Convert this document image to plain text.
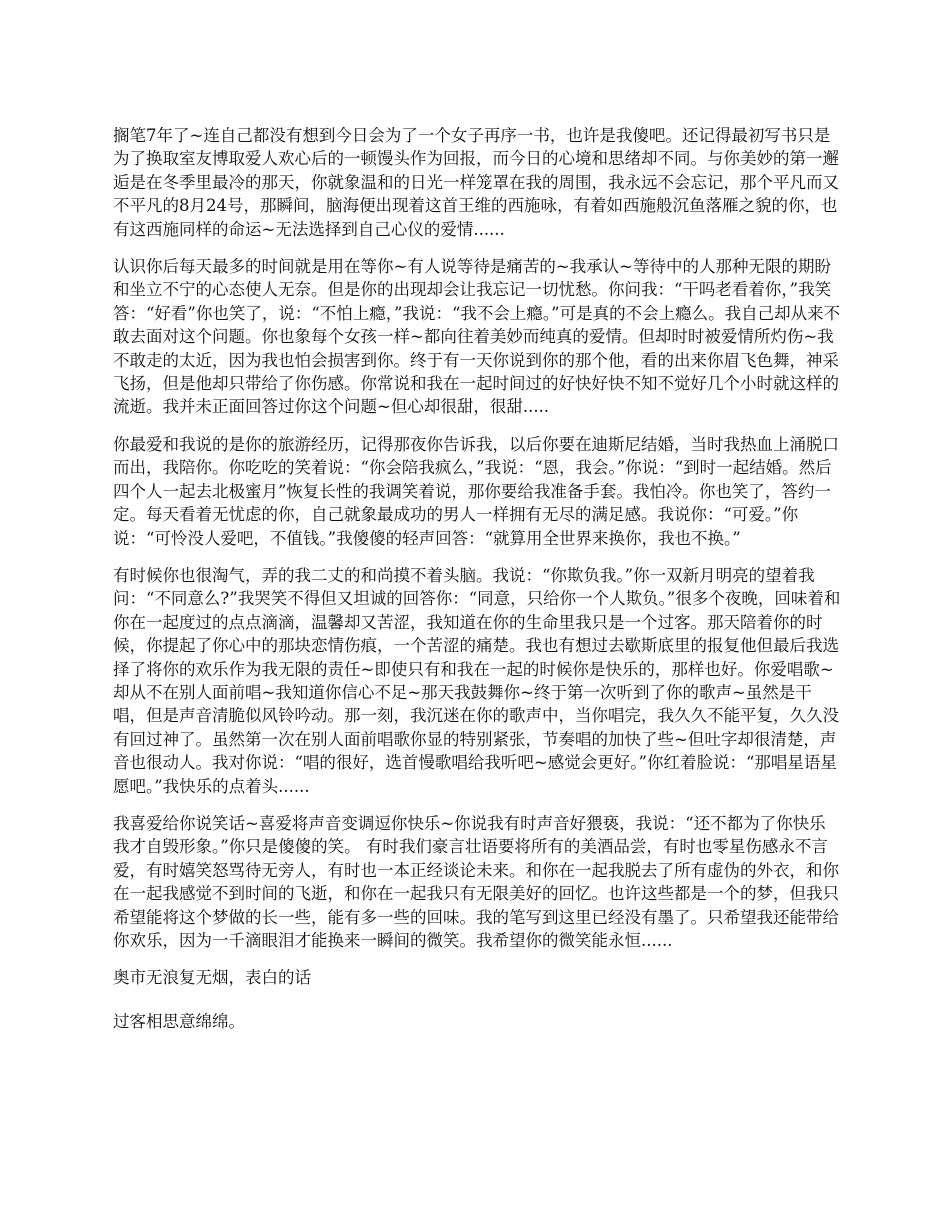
搁笔7年了~连自己都没有想到今日会为了一个女子再序一书，也许是我傻吧。还记得最初写书只是为了换取室友博取爱人欢心后的一顿馒头作为回报，而今日的心境和思绪却不同。与你美妙的第一邂逅是在冬季里最冷的那天，你就象温和的日光一样笼罩在我的周围，我永远不会忘记，那个平凡而又不平凡的8月24号，那瞬间，脑海便出现着这首王维的西施咏，有着如西施般沉鱼落雁之貌的你，也有这西施同样的命运~无法选择到自己心仪的爱情......

认识你后每天最多的时间就是用在等你~有人说等待是痛苦的~我承认~等待中的人那种无限的期盼和坐立不宁的心态使人无奈。但是你的出现却会让我忘记一切忧愁。你问我：“干吗老看着你，”我笑答：“好看”你也笑了，说：“不怕上瘾，”我说：“我不会上瘾。”可是真的不会上瘾么。我自己却从来不敢去面对这个问题。你也象每个女孩一样~都向往着美妙而纯真的爱情。但却时时被爱情所灼伤~我不敢走的太近，因为我也怕会损害到你。终于有一天你说到你的那个他，看的出来你眉飞色舞，神采飞扬，但是他却只带给了你伤感。你常说和我在一起时间过的好快好快不知不觉好几个小时就这样的流逝。我并未正面回答过你这个问题~但心却很甜，很甜.....

你最爱和我说的是你的旅游经历，记得那夜你告诉我，以后你要在迪斯尼结婚，当时我热血上涌脱口而出，我陪你。你吃吃的笑着说：“你会陪我疯么，”我说：“恩，我会。”你说：“到时一起结婚。然后四个人一起去北极蜜月”恢复长性的我调笑着说，那你要给我准备手套。我怕冷。你也笑了，答约一定。每天看着无忧虑的你，自己就象最成功的男人一样拥有无尽的满足感。我说你：“可爱。”你说：“可怜没人爱吧，不值钱。”我傻傻的轻声回答：“就算用全世界来换你，我也不换。”

有时候你也很淘气，弄的我二丈的和尚摸不着头脑。我说：“你欺负我。”你一双新月明亮的望着我问：“不同意么?”我哭笑不得但又坦诚的回答你：“同意，只给你一个人欺负。”很多个夜晚，回味着和你在一起度过的点点滴滴，温馨却又苦涩，我知道在你的生命里我只是一个过客。那天陪着你的时候，你提起了你心中的那块恋情伤痕，一个苦涩的痛楚。我也有想过去歇斯底里的报复他但最后我选择了将你的欢乐作为我无限的责任~即使只有和我在一起的时候你是快乐的，那样也好。你爱唱歌~却从不在别人面前唱~我知道你信心不足~那天我鼓舞你~终于第一次听到了你的歌声~虽然是干唱，但是声音清脆似风铃吟动。那一刻，我沉迷在你的歌声中，当你唱完，我久久不能平复，久久没有回过神了。虽然第一次在别人面前唱歌你显的特别紧张，节奏唱的加快了些~但吐字却很清楚，声音也很动人。我对你说：“唱的很好，选首慢歌唱给我听吧~感觉会更好。”你红着脸说：“那唱星语星愿吧。”我快乐的点着头......

我喜爱给你说笑话~喜爱将声音变调逗你快乐~你说我有时声音好猥亵，我说：“还不都为了你快乐我才自毁形象。”你只是傻傻的笑。 有时我们豪言壮语要将所有的美酒品尝，有时也零星伤感永不言爱，有时嬉笑怒骂待无旁人，有时也一本正经谈论未来。和你在一起我脱去了所有虚伪的外衣，和你在一起我感觉不到时间的飞逝，和你在一起我只有无限美好的回忆。也许这些都是一个的梦，但我只希望能将这个梦做的长一些，能有多一些的回味。我的笔写到这里已经没有墨了。只希望我还能带给你欢乐，因为一千滴眼泪才能换来一瞬间的微笑。我希望你的微笑能永恒......

奥市无浪复无烟，表白的话

过客相思意绵绵。
